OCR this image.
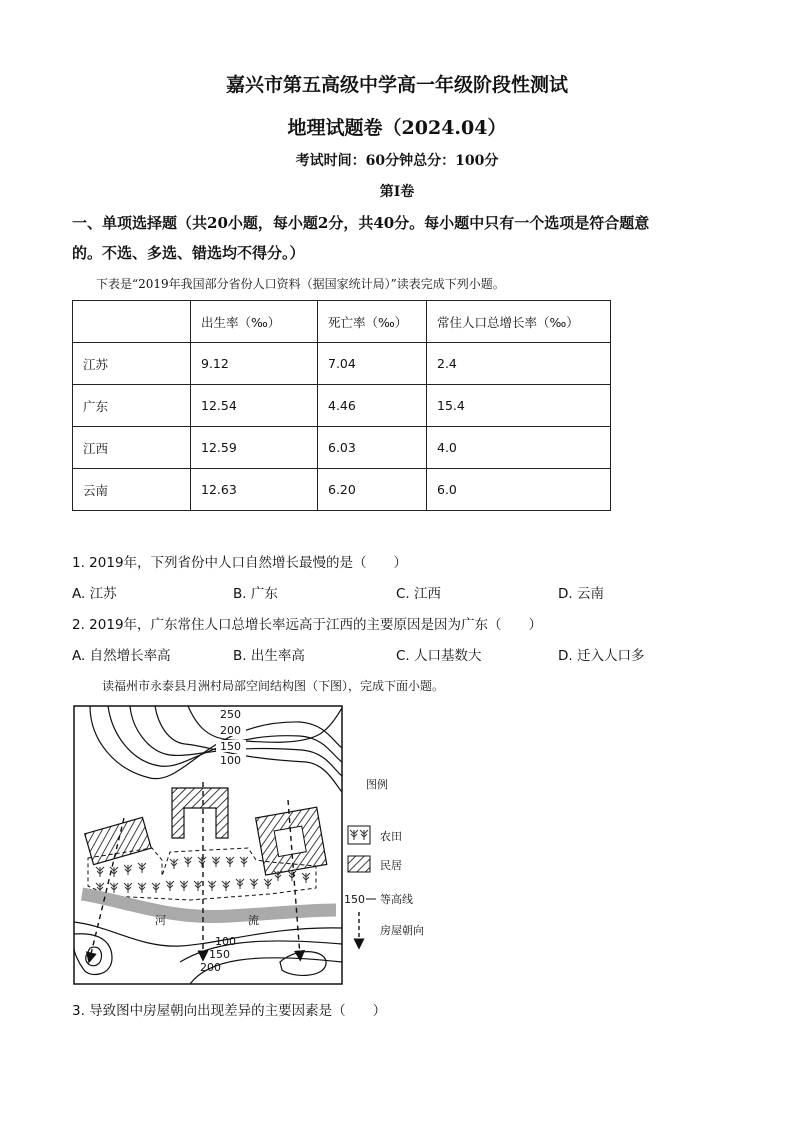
嘉兴市第五高级中学高一年级阶段性测试
地理试题卷（2024.04）
考试时间：60分钟总分：100分
第Ⅰ卷
一、单项选择题（共20小题，每小题2分，共40分。每小题中只有一个选项是符合题意
的。不选、多选、错选均不得分。）
下表是“2019年我国部分省份人口资料（据国家统计局）”读表完成下列小题。
	出生率（‰）	死亡率（‰）	常住人口总增长率（‰）
江苏	9.12	7.04	2.4
广东	12.54	4.46	15.4
江西	12.59	6.03	4.0
云南	12.63	6.20	6.0
1. 2019年，下列省份中人口自然增长最慢的是（　　）
A. 江苏	B. 广东	C. 江西	D. 云南
2. 2019年，广东常住人口总增长率远高于江西的主要原因是因为广东（　　）
A. 自然增长率高	B. 出生率高	C. 人口基数大	D. 迁入人口多
读福州市永泰县月洲村局部空间结构图（下图），完成下面小题。
250
200
150
100
河	流
100
150
200
图例
农田
民居
150 等高线
房屋朝向
3. 导致图中房屋朝向出现差异的主要因素是（　　）
